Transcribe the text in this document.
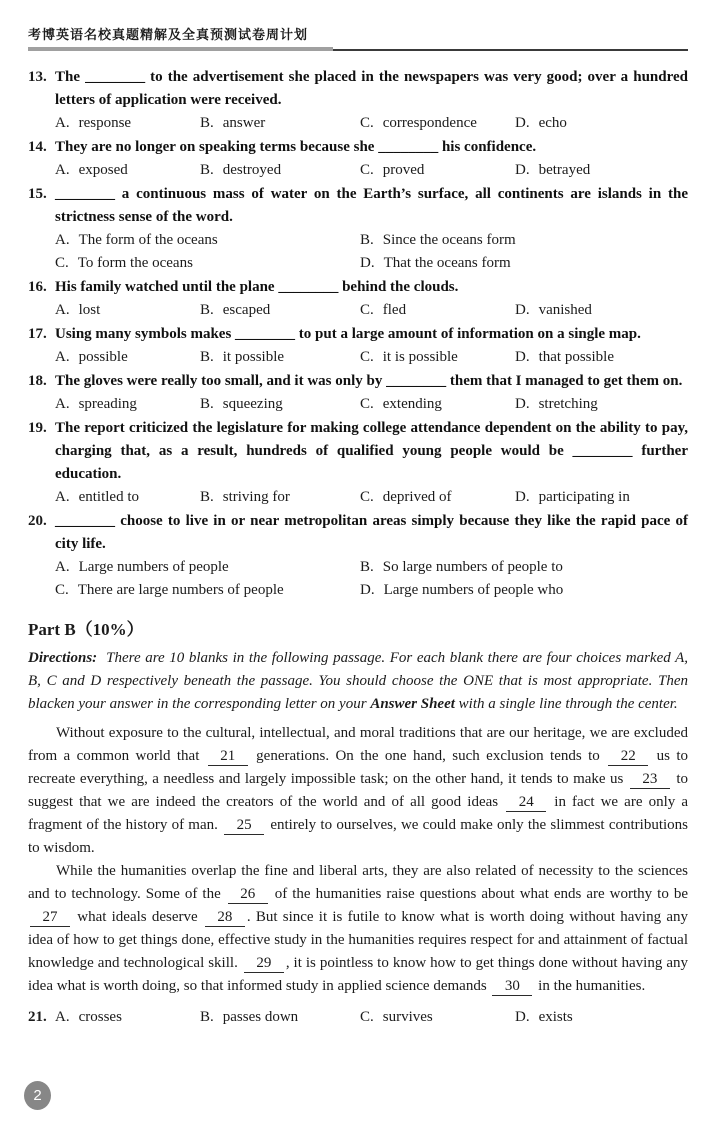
考博英语名校真题精解及全真预测试卷周计划
13. The ________ to the advertisement she placed in the newspapers was very good; over a hundred letters of application were received.
A. response	B. answer	C. correspondence	D. echo
14. They are no longer on speaking terms because she ________ his confidence.
A. exposed	B. destroyed	C. proved	D. betrayed
15. ________ a continuous mass of water on the Earth’s surface, all continents are islands in the strictness sense of the word.
A. The form of the oceans	B. Since the oceans form
C. To form the oceans	D. That the oceans form
16. His family watched until the plane ________ behind the clouds.
A. lost	B. escaped	C. fled	D. vanished
17. Using many symbols makes ________ to put a large amount of information on a single map.
A. possible	B. it possible	C. it is possible	D. that possible
18. The gloves were really too small, and it was only by ________ them that I managed to get them on.
A. spreading	B. squeezing	C. extending	D. stretching
19. The report criticized the legislature for making college attendance dependent on the ability to pay, charging that, as a result, hundreds of qualified young people would be ________ further education.
A. entitled to	B. striving for	C. deprived of	D. participating in
20. ________ choose to live in or near metropolitan areas simply because they like the rapid pace of city life.
A. Large numbers of people	B. So large numbers of people to
C. There are large numbers of people	D. Large numbers of people who
Part B（10%）
Directions: There are 10 blanks in the following passage. For each blank there are four choices marked A, B, C and D respectively beneath the passage. You should choose the ONE that is most appropriate. Then blacken your answer in the corresponding letter on your Answer Sheet with a single line through the center.

Without exposure to the cultural, intellectual, and moral traditions that are our heritage, we are excluded from a common world that 21 generations. On the one hand, such exclusion tends to 22 us to recreate everything, a needless and largely impossible task; on the other hand, it tends to make us 23 to suggest that we are indeed the creators of the world and of all good ideas 24 in fact we are only a fragment of the history of man. 25 entirely to ourselves, we could make only the slimmest contributions to wisdom.

While the humanities overlap the fine and liberal arts, they are also related of necessity to the sciences and to technology. Some of the 26 of the humanities raise questions about what ends are worthy to be 27 what ideals deserve 28 . But since it is futile to know what is worth doing without having any idea of how to get things done, effective study in the humanities requires respect for and attainment of factual knowledge and technological skill. 29 , it is pointless to know how to get things done without having any idea what is worth doing, so that informed study in applied science demands 30 in the humanities.

21. A. crosses	B. passes down	C. survives	D. exists
2
